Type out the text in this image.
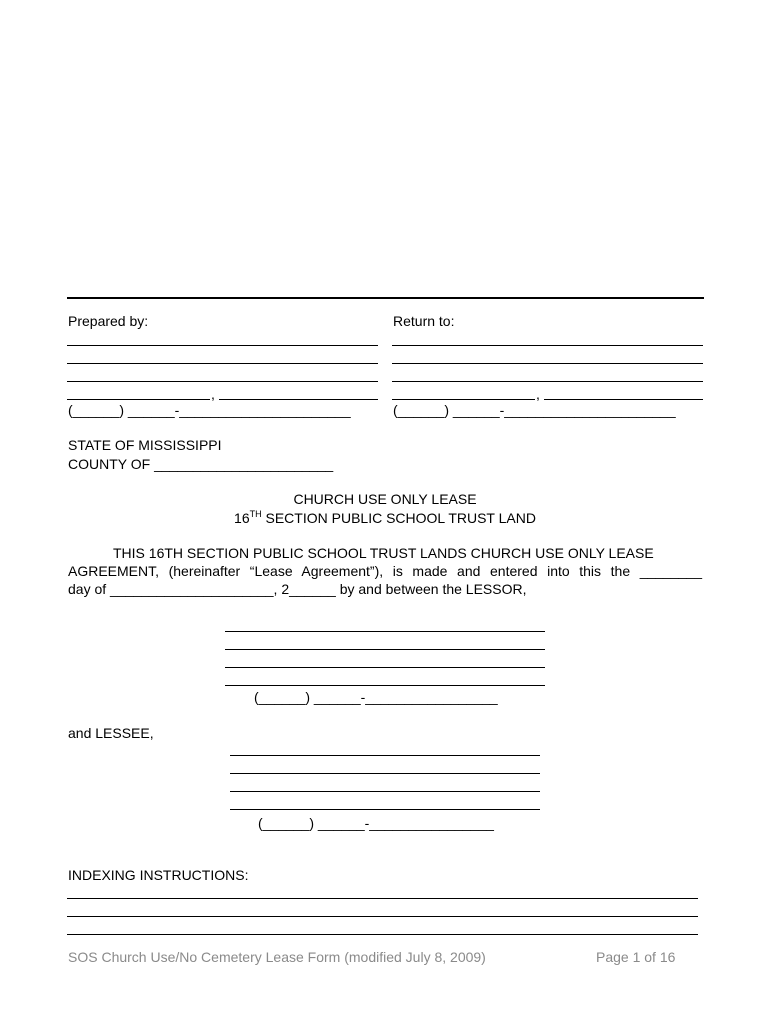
Prepared by:	Return to:
,
(______) ______-______________________
,
(______) ______-______________________
STATE OF MISSISSIPPI
COUNTY OF _______________________
CHURCH USE ONLY LEASE
16TH SECTION PUBLIC SCHOOL TRUST LAND
THIS 16TH SECTION PUBLIC SCHOOL TRUST LANDS CHURCH USE ONLY LEASE
AGREEMENT, (hereinafter “Lease Agreement”), is made and entered into this the ________
day of _____________________, 2______ by and between the LESSOR,
(______) ______-_________________
and LESSEE,
(______) ______-________________
INDEXING INSTRUCTIONS:
SOS Church Use/No Cemetery Lease Form (modified July 8, 2009)	Page 1 of 16
